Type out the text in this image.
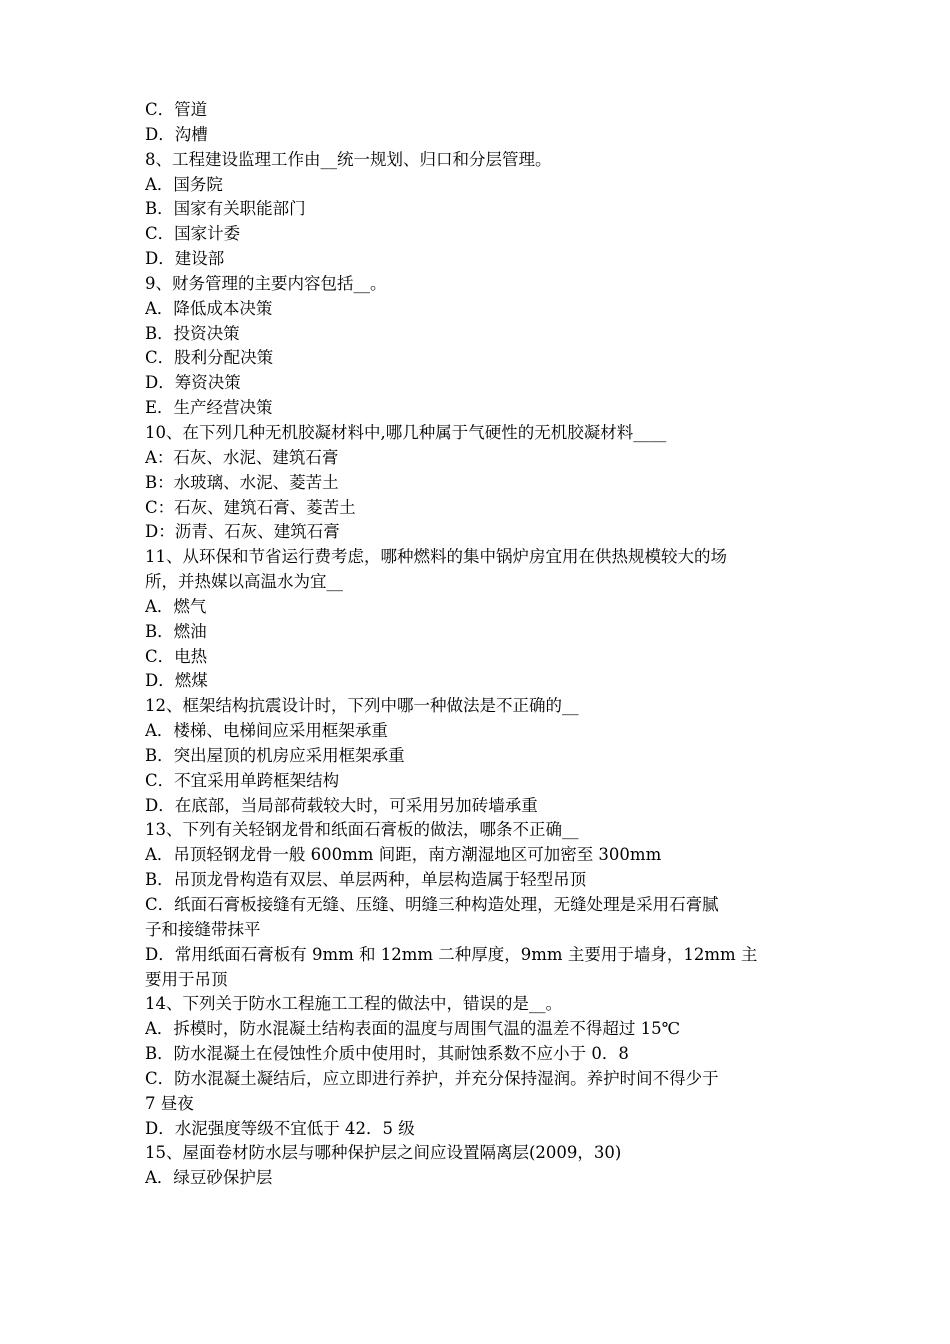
C．管道
D．沟槽
8、工程建设监理工作由__统一规划、归口和分层管理。
A．国务院
B．国家有关职能部门
C．国家计委
D．建设部
9、财务管理的主要内容包括__。
A．降低成本决策
B．投资决策
C．股利分配决策
D．筹资决策
E．生产经营决策
10、在下列几种无机胶凝材料中,哪几种属于气硬性的无机胶凝材料____
A：石灰、水泥、建筑石膏
B：水玻璃、水泥、菱苦土
C：石灰、建筑石膏、菱苦土
D：沥青、石灰、建筑石膏
11、从环保和节省运行费考虑，哪种燃料的集中锅炉房宜用在供热规模较大的场
所，并热媒以高温水为宜__
A．燃气
B．燃油
C．电热
D．燃煤
12、框架结构抗震设计时，下列中哪一种做法是不正确的__
A．楼梯、电梯间应采用框架承重
B．突出屋顶的机房应采用框架承重
C．不宜采用单跨框架结构
D．在底部，当局部荷载较大时，可采用另加砖墙承重
13、下列有关轻钢龙骨和纸面石膏板的做法，哪条不正确__
A．吊顶轻钢龙骨一般 600mm 间距，南方潮湿地区可加密至 300mm
B．吊顶龙骨构造有双层、单层两种，单层构造属于轻型吊顶
C．纸面石膏板接缝有无缝、压缝、明缝三种构造处理，无缝处理是采用石膏腻
子和接缝带抹平
D．常用纸面石膏板有 9mm 和 12mm 二种厚度，9mm 主要用于墙身，12mm 主
要用于吊顶
14、下列关于防水工程施工工程的做法中，错误的是__。
A．拆模时，防水混凝土结构表面的温度与周围气温的温差不得超过 15℃
B．防水混凝土在侵蚀性介质中使用时，其耐蚀系数不应小于 0．8
C．防水混凝土凝结后，应立即进行养护，并充分保持湿润。养护时间不得少于
7 昼夜
D．水泥强度等级不宜低于 42．5 级
15、屋面卷材防水层与哪种保护层之间应设置隔离层(2009，30)
A．绿豆砂保护层
